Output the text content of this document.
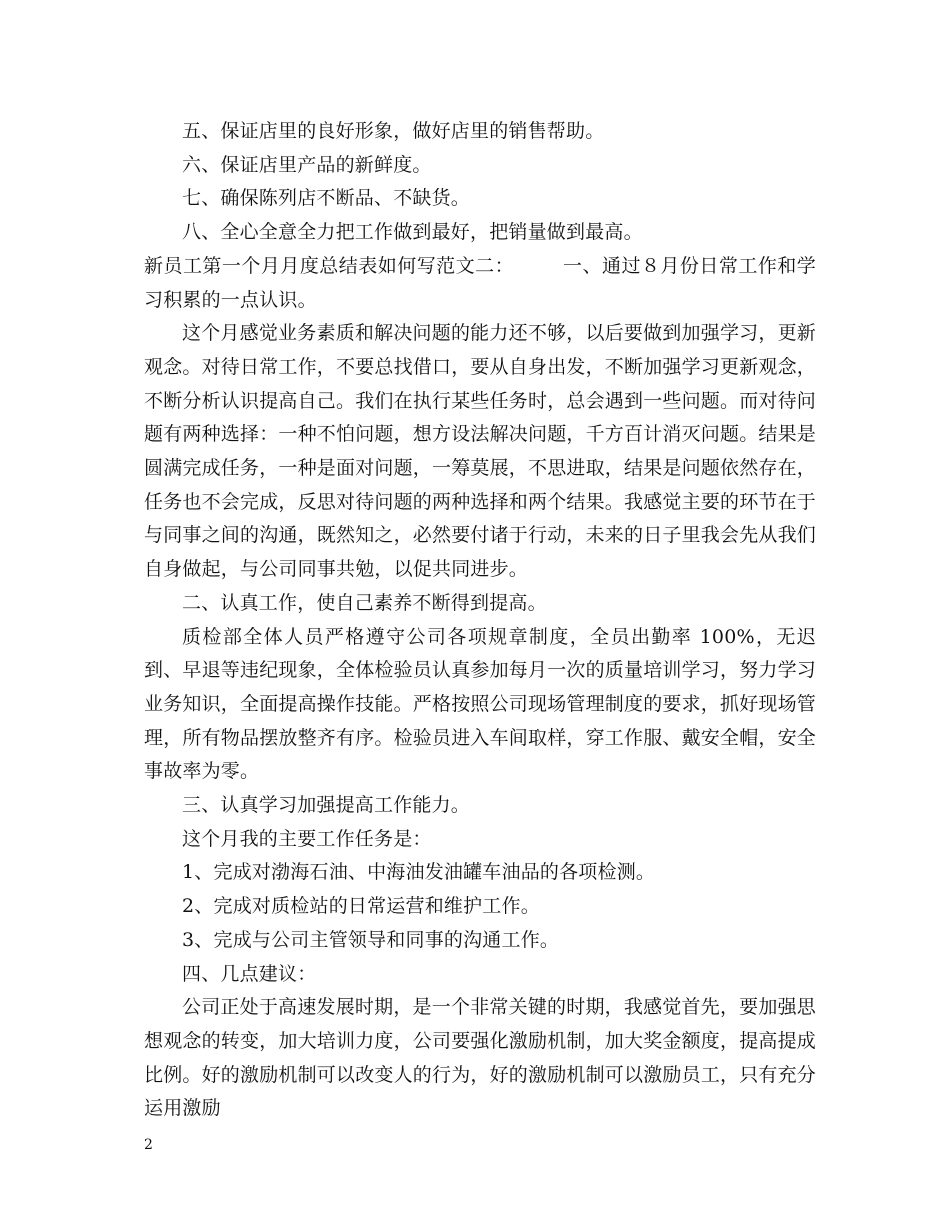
五、保证店里的良好形象，做好店里的销售帮助。

六、保证店里产品的新鲜度。

七、确保陈列店不断品、不缺货。

八、全心全意全力把工作做到最好，把销量做到最高。

新员工第一个月月度总结表如何写范文二：　　　一、通过８月份日常工作和学习积累的一点认识。

这个月感觉业务素质和解决问题的能力还不够，以后要做到加强学习，更新观念。对待日常工作，不要总找借口，要从自身出发，不断加强学习更新观念，不断分析认识提高自己。我们在执行某些任务时，总会遇到一些问题。而对待问题有两种选择：一种不怕问题，想方设法解决问题，千方百计消灭问题。结果是圆满完成任务，一种是面对问题，一筹莫展，不思进取，结果是问题依然存在，任务也不会完成，反思对待问题的两种选择和两个结果。我感觉主要的环节在于与同事之间的沟通，既然知之，必然要付诸于行动，未来的日子里我会先从我们自身做起，与公司同事共勉，以促共同进步。

二、认真工作，使自己素养不断得到提高。

质检部全体人员严格遵守公司各项规章制度，全员出勤率 100%，无迟到、早退等违纪现象，全体检验员认真参加每月一次的质量培训学习，努力学习业务知识，全面提高操作技能。严格按照公司现场管理制度的要求，抓好现场管理，所有物品摆放整齐有序。检验员进入车间取样，穿工作服、戴安全帽，安全事故率为零。

三、认真学习加强提高工作能力。

这个月我的主要工作任务是：

1、完成对渤海石油、中海油发油罐车油品的各项检测。

2、完成对质检站的日常运营和维护工作。

3、完成与公司主管领导和同事的沟通工作。

四、几点建议：

公司正处于高速发展时期，是一个非常关键的时期，我感觉首先，要加强思想观念的转变，加大培训力度，公司要强化激励机制，加大奖金额度，提高提成比例。好的激励机制可以改变人的行为，好的激励机制可以激励员工，只有充分运用激励

2
